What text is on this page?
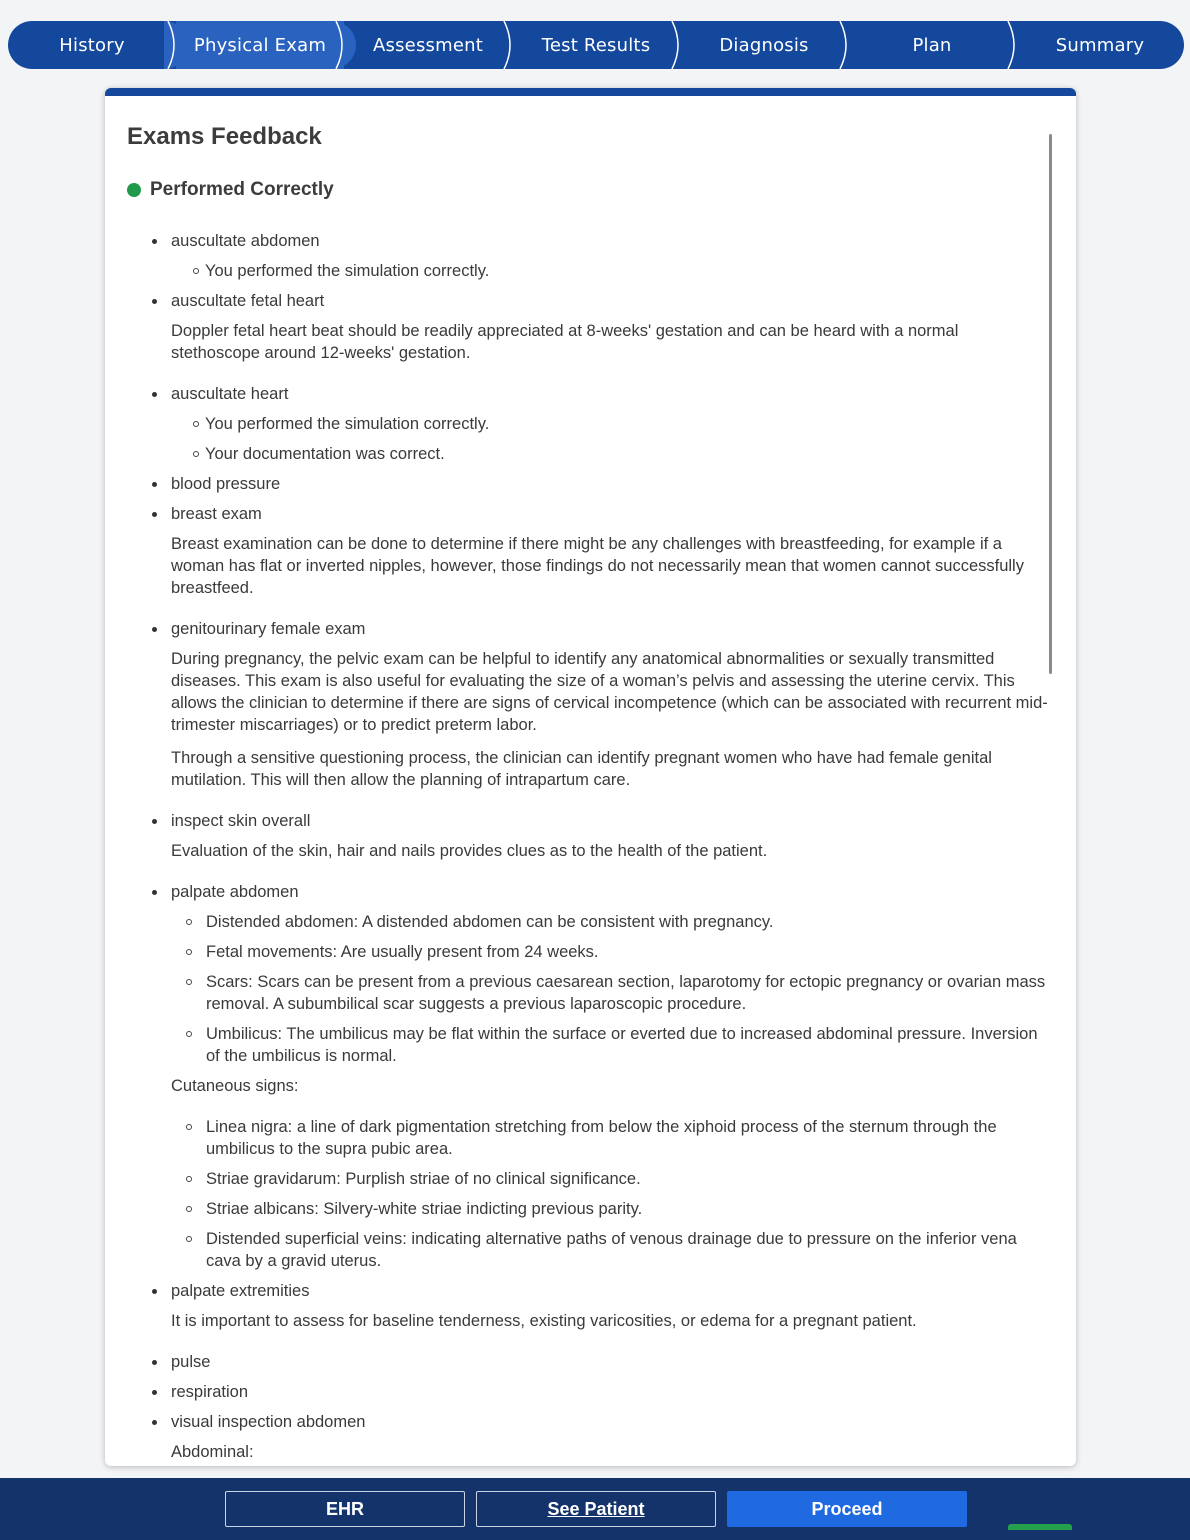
History	Physical Exam	Assessment	Test Results	Diagnosis	Plan	Summary
Exams Feedback
Performed Correctly
auscultate abdomen
You performed the simulation correctly.
auscultate fetal heart
Doppler fetal heart beat should be readily appreciated at 8-weeks' gestation and can be heard with a normal stethoscope around 12-weeks' gestation.
auscultate heart
You performed the simulation correctly.
Your documentation was correct.
blood pressure
breast exam
Breast examination can be done to determine if there might be any challenges with breastfeeding, for example if a woman has flat or inverted nipples, however, those findings do not necessarily mean that women cannot successfully breastfeed.
genitourinary female exam
During pregnancy, the pelvic exam can be helpful to identify any anatomical abnormalities or sexually transmitted diseases. This exam is also useful for evaluating the size of a woman’s pelvis and assessing the uterine cervix. This allows the clinician to determine if there are signs of cervical incompetence (which can be associated with recurrent mid-trimester miscarriages) or to predict preterm labor.
Through a sensitive questioning process, the clinician can identify pregnant women who have had female genital mutilation. This will then allow the planning of intrapartum care.
inspect skin overall
Evaluation of the skin, hair and nails provides clues as to the health of the patient.
palpate abdomen
Distended abdomen: A distended abdomen can be consistent with pregnancy.
Fetal movements: Are usually present from 24 weeks.
Scars: Scars can be present from a previous caesarean section, laparotomy for ectopic pregnancy or ovarian mass removal. A subumbilical scar suggests a previous laparoscopic procedure.
Umbilicus: The umbilicus may be flat within the surface or everted due to increased abdominal pressure. Inversion of the umbilicus is normal.
Cutaneous signs:
Linea nigra: a line of dark pigmentation stretching from below the xiphoid process of the sternum through the umbilicus to the supra pubic area.
Striae gravidarum: Purplish striae of no clinical significance.
Striae albicans: Silvery-white striae indicting previous parity.
Distended superficial veins: indicating alternative paths of venous drainage due to pressure on the inferior vena cava by a gravid uterus.
palpate extremities
It is important to assess for baseline tenderness, existing varicosities, or edema for a pregnant patient.
pulse
respiration
visual inspection abdomen
Abdominal:
EHR	See Patient	Proceed
